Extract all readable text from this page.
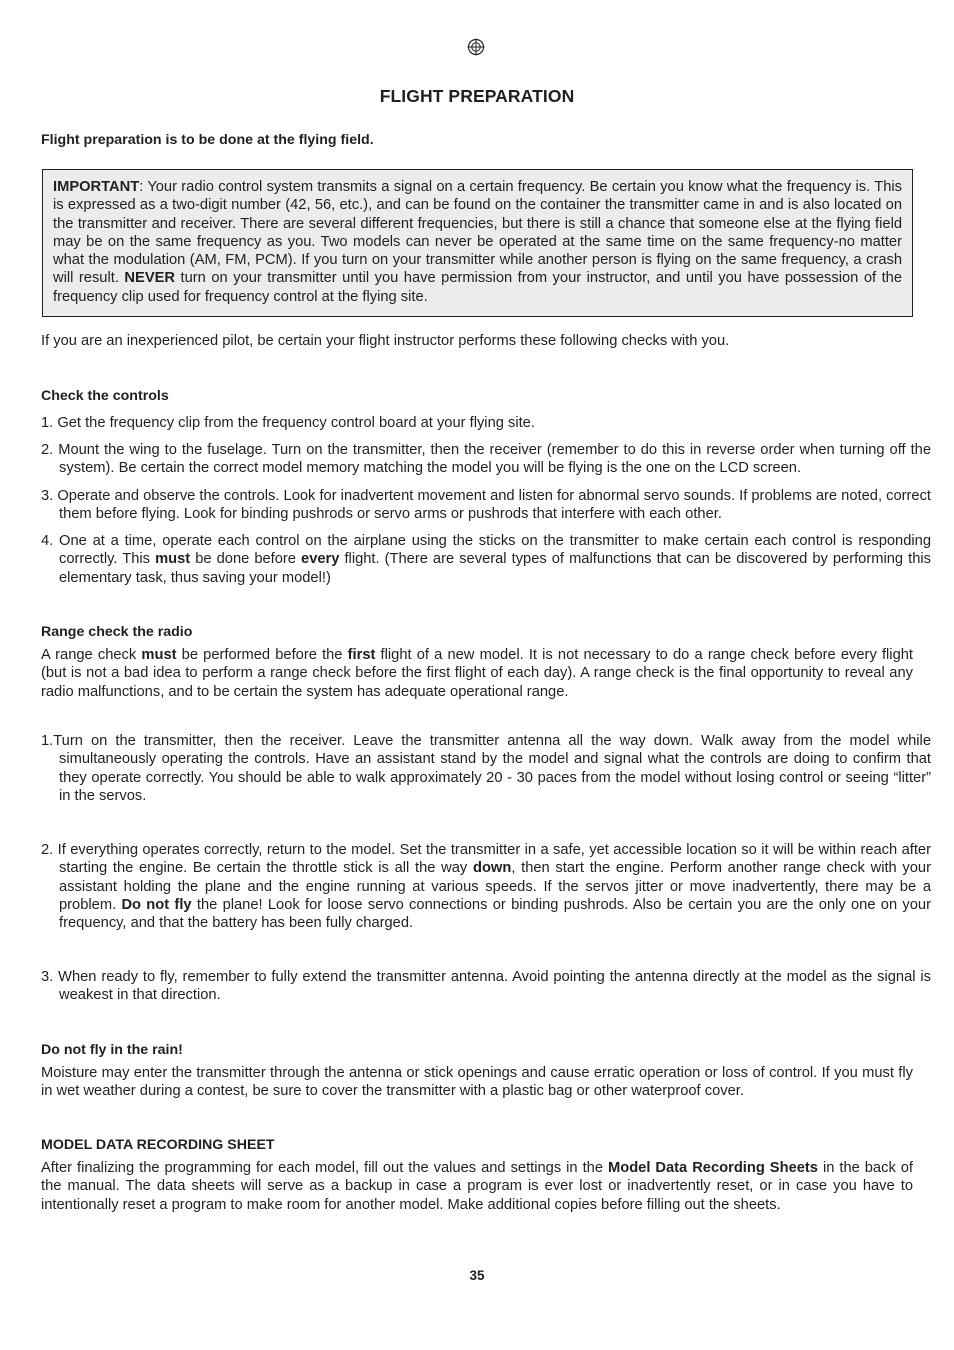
FLIGHT PREPARATION

Flight preparation is to be done at the flying field.

IMPORTANT: Your radio control system transmits a signal on a certain frequency. Be certain you know what the frequency is. This is expressed as a two-digit number (42, 56, etc.), and can be found on the container the transmitter came in and is also located on the transmitter and receiver. There are several different frequencies, but there is still a chance that someone else at the flying field may be on the same frequency as you. Two models can never be operated at the same time on the same frequency-no matter what the modulation (AM, FM, PCM). If you turn on your transmitter while another person is flying on the same frequency, a crash will result. NEVER turn on your transmitter until you have permission from your instructor, and until you have possession of the frequency clip used for frequency control at the flying site.

If you are an inexperienced pilot, be certain your flight instructor performs these following checks with you.

Check the controls

1. Get the frequency clip from the frequency control board at your flying site.

2. Mount the wing to the fuselage. Turn on the transmitter, then the receiver (remember to do this in reverse order when turning off the system). Be certain the correct model memory matching the model you will be flying is the one on the LCD screen.

3. Operate and observe the controls. Look for inadvertent movement and listen for abnormal servo sounds. If problems are noted, correct them before flying. Look for binding pushrods or servo arms or pushrods that interfere with each other.

4. One at a time, operate each control on the airplane using the sticks on the transmitter to make certain each control is responding correctly. This must be done before every flight. (There are several types of malfunctions that can be discovered by performing this elementary task, thus saving your model!)

Range check the radio

A range check must be performed before the first flight of a new model. It is not necessary to do a range check before every flight (but is not a bad idea to perform a range check before the first flight of each day). A range check is the final opportunity to reveal any radio malfunctions, and to be certain the system has adequate operational range.

1.Turn on the transmitter, then the receiver. Leave the transmitter antenna all the way down. Walk away from the model while simultaneously operating the controls. Have an assistant stand by the model and signal what the controls are doing to confirm that they operate correctly. You should be able to walk approximately 20 - 30 paces from the model without losing control or seeing “litter” in the servos.

2. If everything operates correctly, return to the model. Set the transmitter in a safe, yet accessible location so it will be within reach after starting the engine. Be certain the throttle stick is all the way down, then start the engine. Perform another range check with your assistant holding the plane and the engine running at various speeds. If the servos jitter or move inadvertently, there may be a problem. Do not fly the plane! Look for loose servo connections or binding pushrods. Also be certain you are the only one on your frequency, and that the battery has been fully charged.

3. When ready to fly, remember to fully extend the transmitter antenna. Avoid pointing the antenna directly at the model as the signal is weakest in that direction.

Do not fly in the rain!

Moisture may enter the transmitter through the antenna or stick openings and cause erratic operation or loss of control. If you must fly in wet weather during a contest, be sure to cover the transmitter with a plastic bag or other waterproof cover.

MODEL DATA RECORDING SHEET

After finalizing the programming for each model, fill out the values and settings in the Model Data Recording Sheets in the back of the manual. The data sheets will serve as a backup in case a program is ever lost or inadvertently reset, or in case you have to intentionally reset a program to make room for another model. Make additional copies before filling out the sheets.

35
